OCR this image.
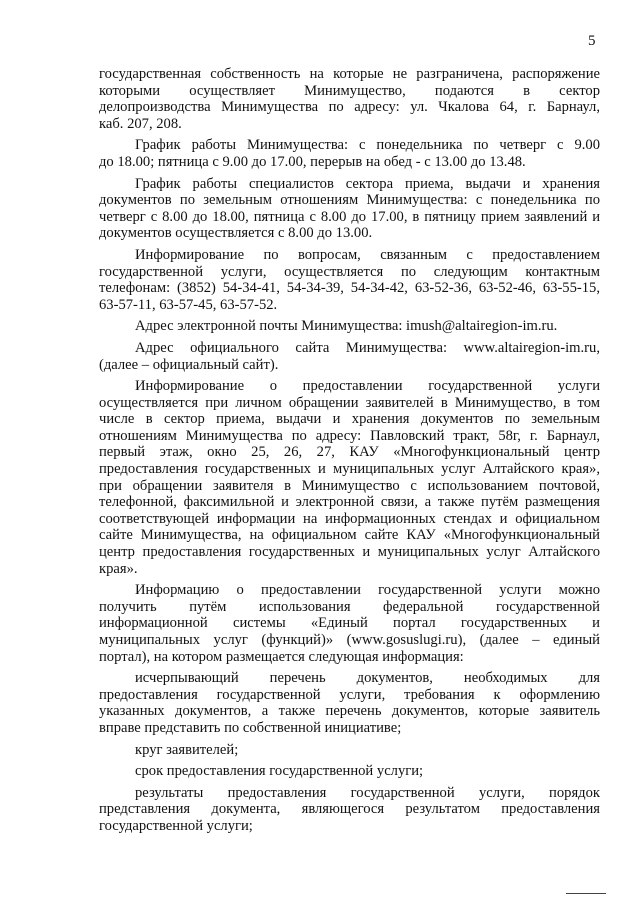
5
государственная собственность на которые не разграничена, распоряжение
которыми осуществляет Минимущество, подаются в сектор
делопроизводства Минимущества по адресу: ул. Чкалова 64, г. Барнаул,
каб. 207, 208.
График работы Минимущества: с понедельника по четверг с 9.00
до 18.00; пятница с 9.00 до 17.00, перерыв на обед - с 13.00 до 13.48.
График работы специалистов сектора приема, выдачи и хранения
документов по земельным отношениям Минимущества: с понедельника по
четверг с 8.00 до 18.00, пятница с 8.00 до 17.00, в пятницу прием заявлений и
документов осуществляется с 8.00 до 13.00.
Информирование по вопросам, связанным с предоставлением
государственной услуги, осуществляется по следующим контактным
телефонам: (3852) 54-34-41, 54-34-39, 54-34-42, 63-52-36, 63-52-46, 63-55-15,
63-57-11, 63-57-45, 63-57-52.
Адрес электронной почты Минимущества: imush@altairegion-im.ru.
Адрес официального сайта Минимущества: www.altairegion-im.ru,
(далее – официальный сайт).
Информирование о предоставлении государственной услуги
осуществляется при личном обращении заявителей в Минимущество, в том
числе в сектор приема, выдачи и хранения документов по земельным
отношениям Минимущества по адресу: Павловский тракт, 58г, г. Барнаул,
первый этаж, окно 25, 26, 27, КАУ «Многофункциональный центр
предоставления государственных и муниципальных услуг Алтайского края»,
при обращении заявителя в Минимущество с использованием почтовой,
телефонной, факсимильной и электронной связи, а также путём размещения
соответствующей информации на информационных стендах и официальном
сайте Минимущества, на официальном сайте КАУ «Многофункциональный
центр предоставления государственных и муниципальных услуг Алтайского
края».
Информацию о предоставлении государственной услуги можно
получить путём использования федеральной государственной
информационной системы «Единый портал государственных и
муниципальных услуг (функций)» (www.gosuslugi.ru), (далее – единый
портал), на котором размещается следующая информация:
исчерпывающий перечень документов, необходимых для
предоставления государственной услуги, требования к оформлению
указанных документов, а также перечень документов, которые заявитель
вправе представить по собственной инициативе;
круг заявителей;
срок предоставления государственной услуги;
результаты предоставления государственной услуги, порядок
представления документа, являющегося результатом предоставления
государственной услуги;
